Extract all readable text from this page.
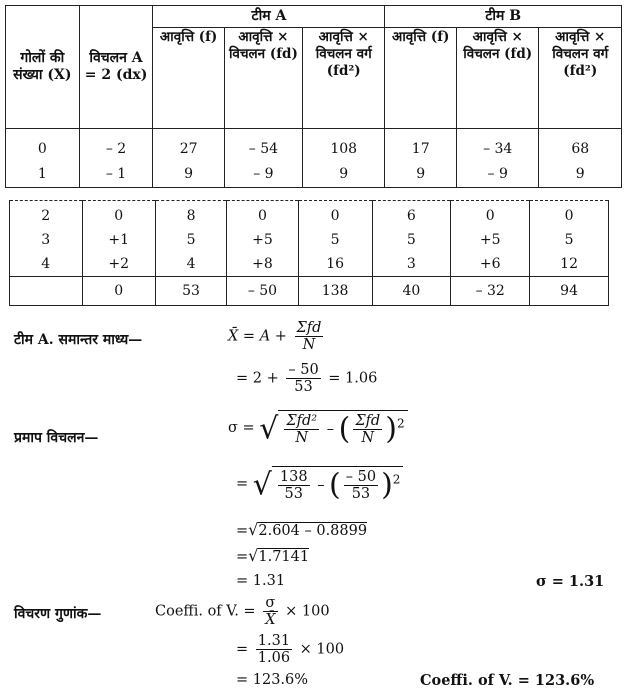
गोलों की संख्या (X)	विचलन A = 2 (dx)	टीम A			टीम B		
		आवृत्ति (f)	आवृत्ति × विचलन (fd)	आवृत्ति × विचलन वर्ग (fd²)	आवृत्ति (f)	आवृत्ति × विचलन (fd)	आवृत्ति × विचलन वर्ग (fd²)
0	– 2	27	– 54	108	17	– 34	68
1	– 1	9	– 9	9	9	– 9	9
2	0	8	0	0	6	0	0
3	+1	5	+5	5	5	+5	5
4	+2	4	+8	16	3	+6	12
	0	53	– 50	138	40	– 32	94
टीम A. समान्तर माध्य—	X̄ = $A + \frac{\text{Σfd}}{N}$
= $2 + \frac{- 50}{53} = 1.06$
प्रमाप विचलन—
σ = √ $\frac{\text{Σfd²}}{N}$ – ( $\frac{\text{Σfd}}{N} )^2$
= √ $\frac{138}{53}$ – ( $\frac{- 50}{53} )^2$
=√2.604 – 0.8899
=√1.7141
= 1.31	σ = 1.31
विचरण गुणांक—	Coeffi. of V. = $\frac{\sigma}{X̄} \times 100$
= $\frac{1.31}{1.06} \times 100$
= 123.6%	Coeffi. of V. = 123.6%
